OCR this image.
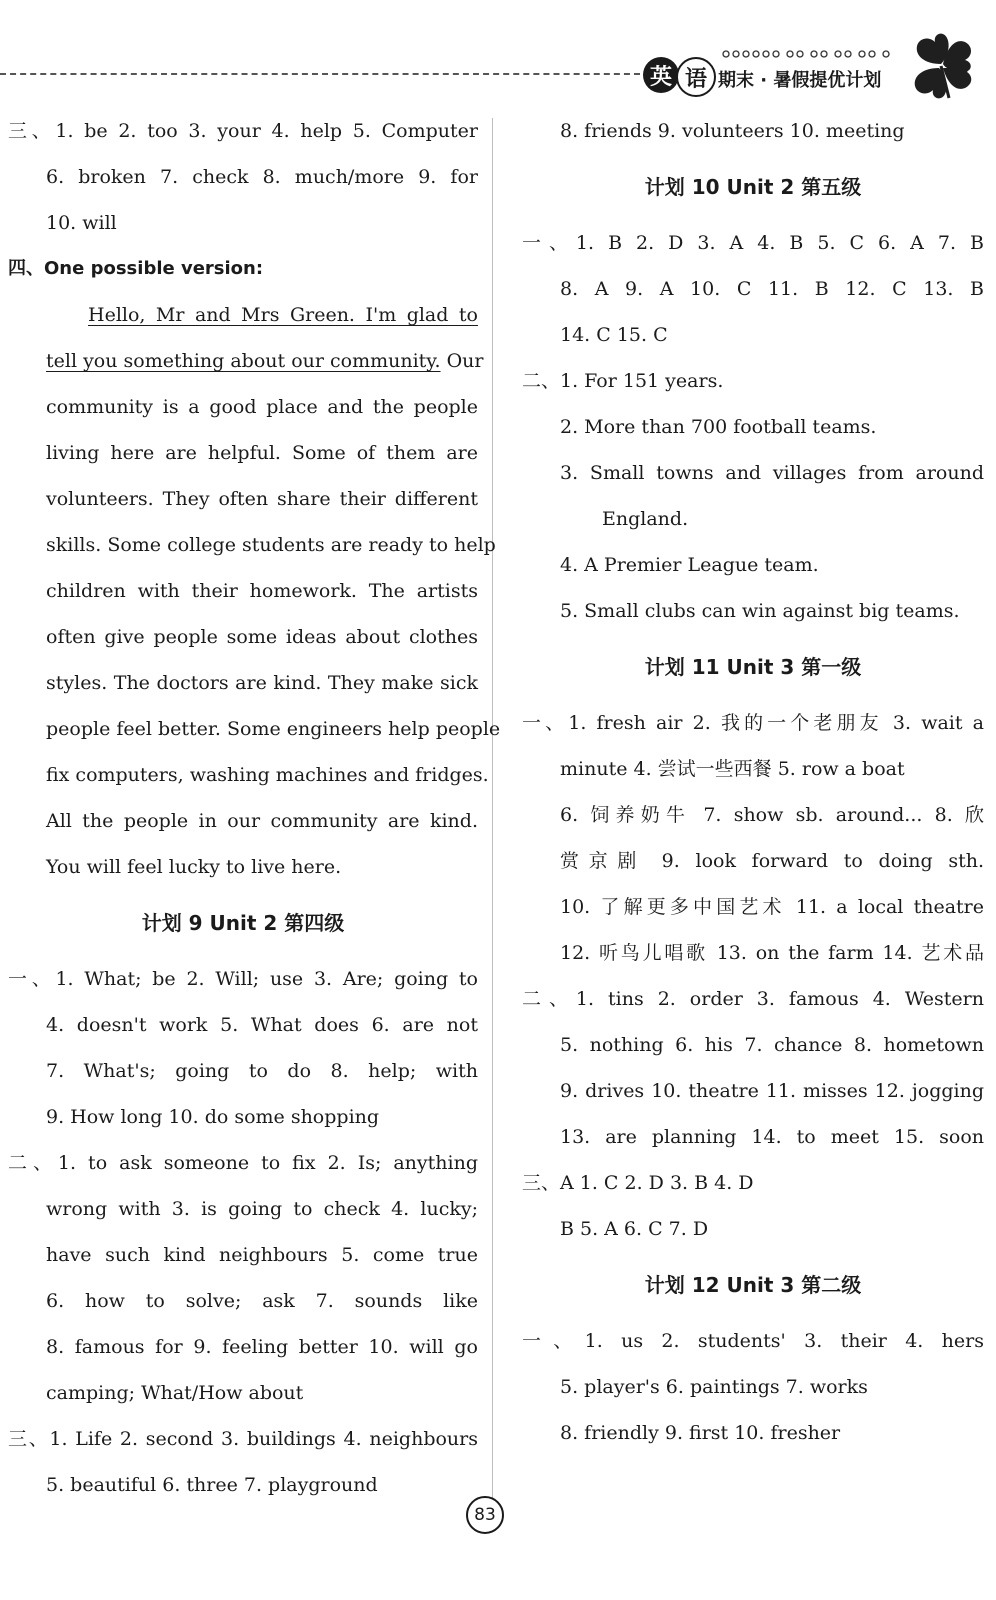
英 语 期末 · 暑假提优计划
三、1. be 2. too 3. your 4. help 5. Computer
6. broken 7. check 8. much/more 9. for
10. will
四、One possible version:
Hello, Mr and Mrs Green. I'm glad to
tell you something about our community. Our
community is a good place and the people
living here are helpful. Some of them are
volunteers. They often share their different
skills. Some college students are ready to help
children with their homework. The artists
often give people some ideas about clothes
styles. The doctors are kind. They make sick
people feel better. Some engineers help people
fix computers, washing machines and fridges.
All the people in our community are kind.
You will feel lucky to live here.
计划 9 Unit 2 第四级
一、1. What; be 2. Will; use 3. Are; going to
4. doesn't work 5. What does 6. are not
7. What's; going to do 8. help; with
9. How long 10. do some shopping
二、1. to ask someone to fix 2. Is; anything
wrong with 3. is going to check 4. lucky;
have such kind neighbours 5. come true
6. how to solve; ask 7. sounds like
8. famous for 9. feeling better 10. will go
camping; What/How about
三、1. Life 2. second 3. buildings 4. neighbours
5. beautiful 6. three 7. playground
8. friends 9. volunteers 10. meeting
计划 10 Unit 2 第五级
一、1. B 2. D 3. A 4. B 5. C 6. A 7. B
8. A 9. A 10. C 11. B 12. C 13. B
14. C 15. C
二、1. For 151 years.
2. More than 700 football teams.
3. Small towns and villages from around
England.
4. A Premier League team.
5. Small clubs can win against big teams.
计划 11 Unit 3 第一级
一、1. fresh air 2. 我的一个老朋友 3. wait a
minute 4. 尝试一些西餐 5. row a boat
6. 饲养奶牛 7. show sb. around... 8. 欣
赏京剧 9. look forward to doing sth.
10. 了解更多中国艺术 11. a local theatre
12. 听鸟儿唱歌 13. on the farm 14. 艺术品
二、1. tins 2. order 3. famous 4. Western
5. nothing 6. his 7. chance 8. hometown
9. drives 10. theatre 11. misses 12. jogging
13. are planning 14. to meet 15. soon
三、A 1. C 2. D 3. B 4. D
B 5. A 6. C 7. D
计划 12 Unit 3 第二级
一、1. us 2. students' 3. their 4. hers
5. player's 6. paintings 7. works
8. friendly 9. first 10. fresher
83
